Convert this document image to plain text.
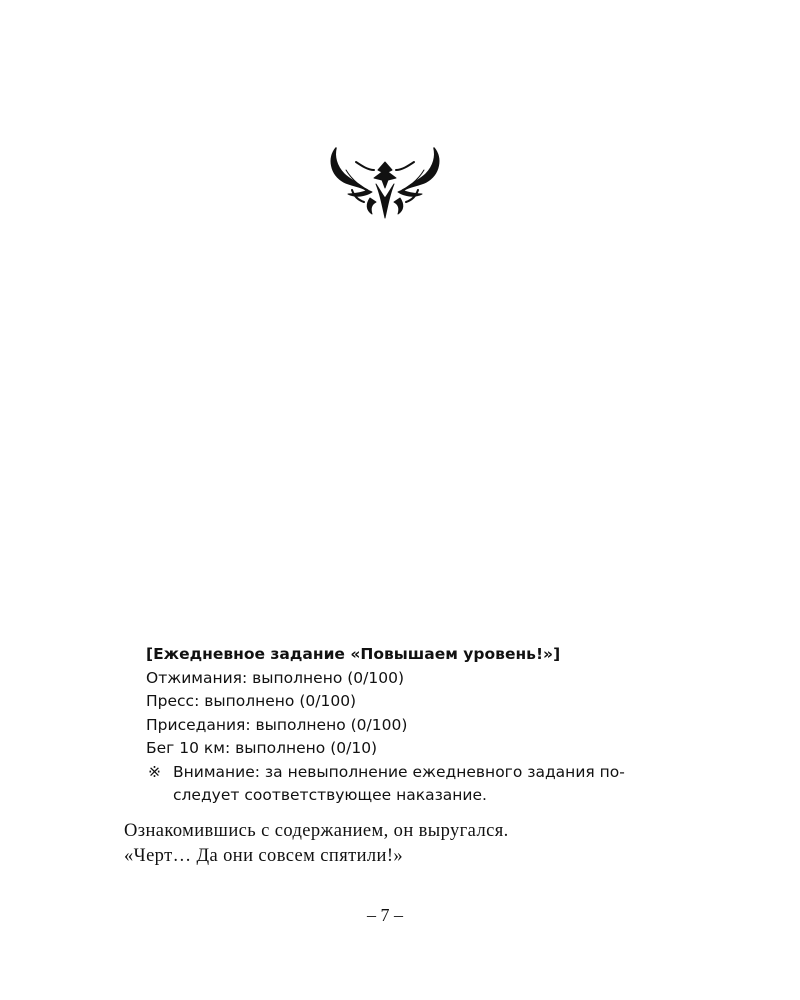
[Ежедневное задание «Повышаем уровень!»]
Отжимания: выполнено (0/100)
Пресс: выполнено (0/100)
Приседания: выполнено (0/100)
Бег 10 км: выполнено (0/10)
※ Внимание: за невыполнение ежедневного задания по-
следует соответствующее наказание.

Ознакомившись с содержанием, он выругался.

«Черт… Да они совсем спятили!»

– 7 –
